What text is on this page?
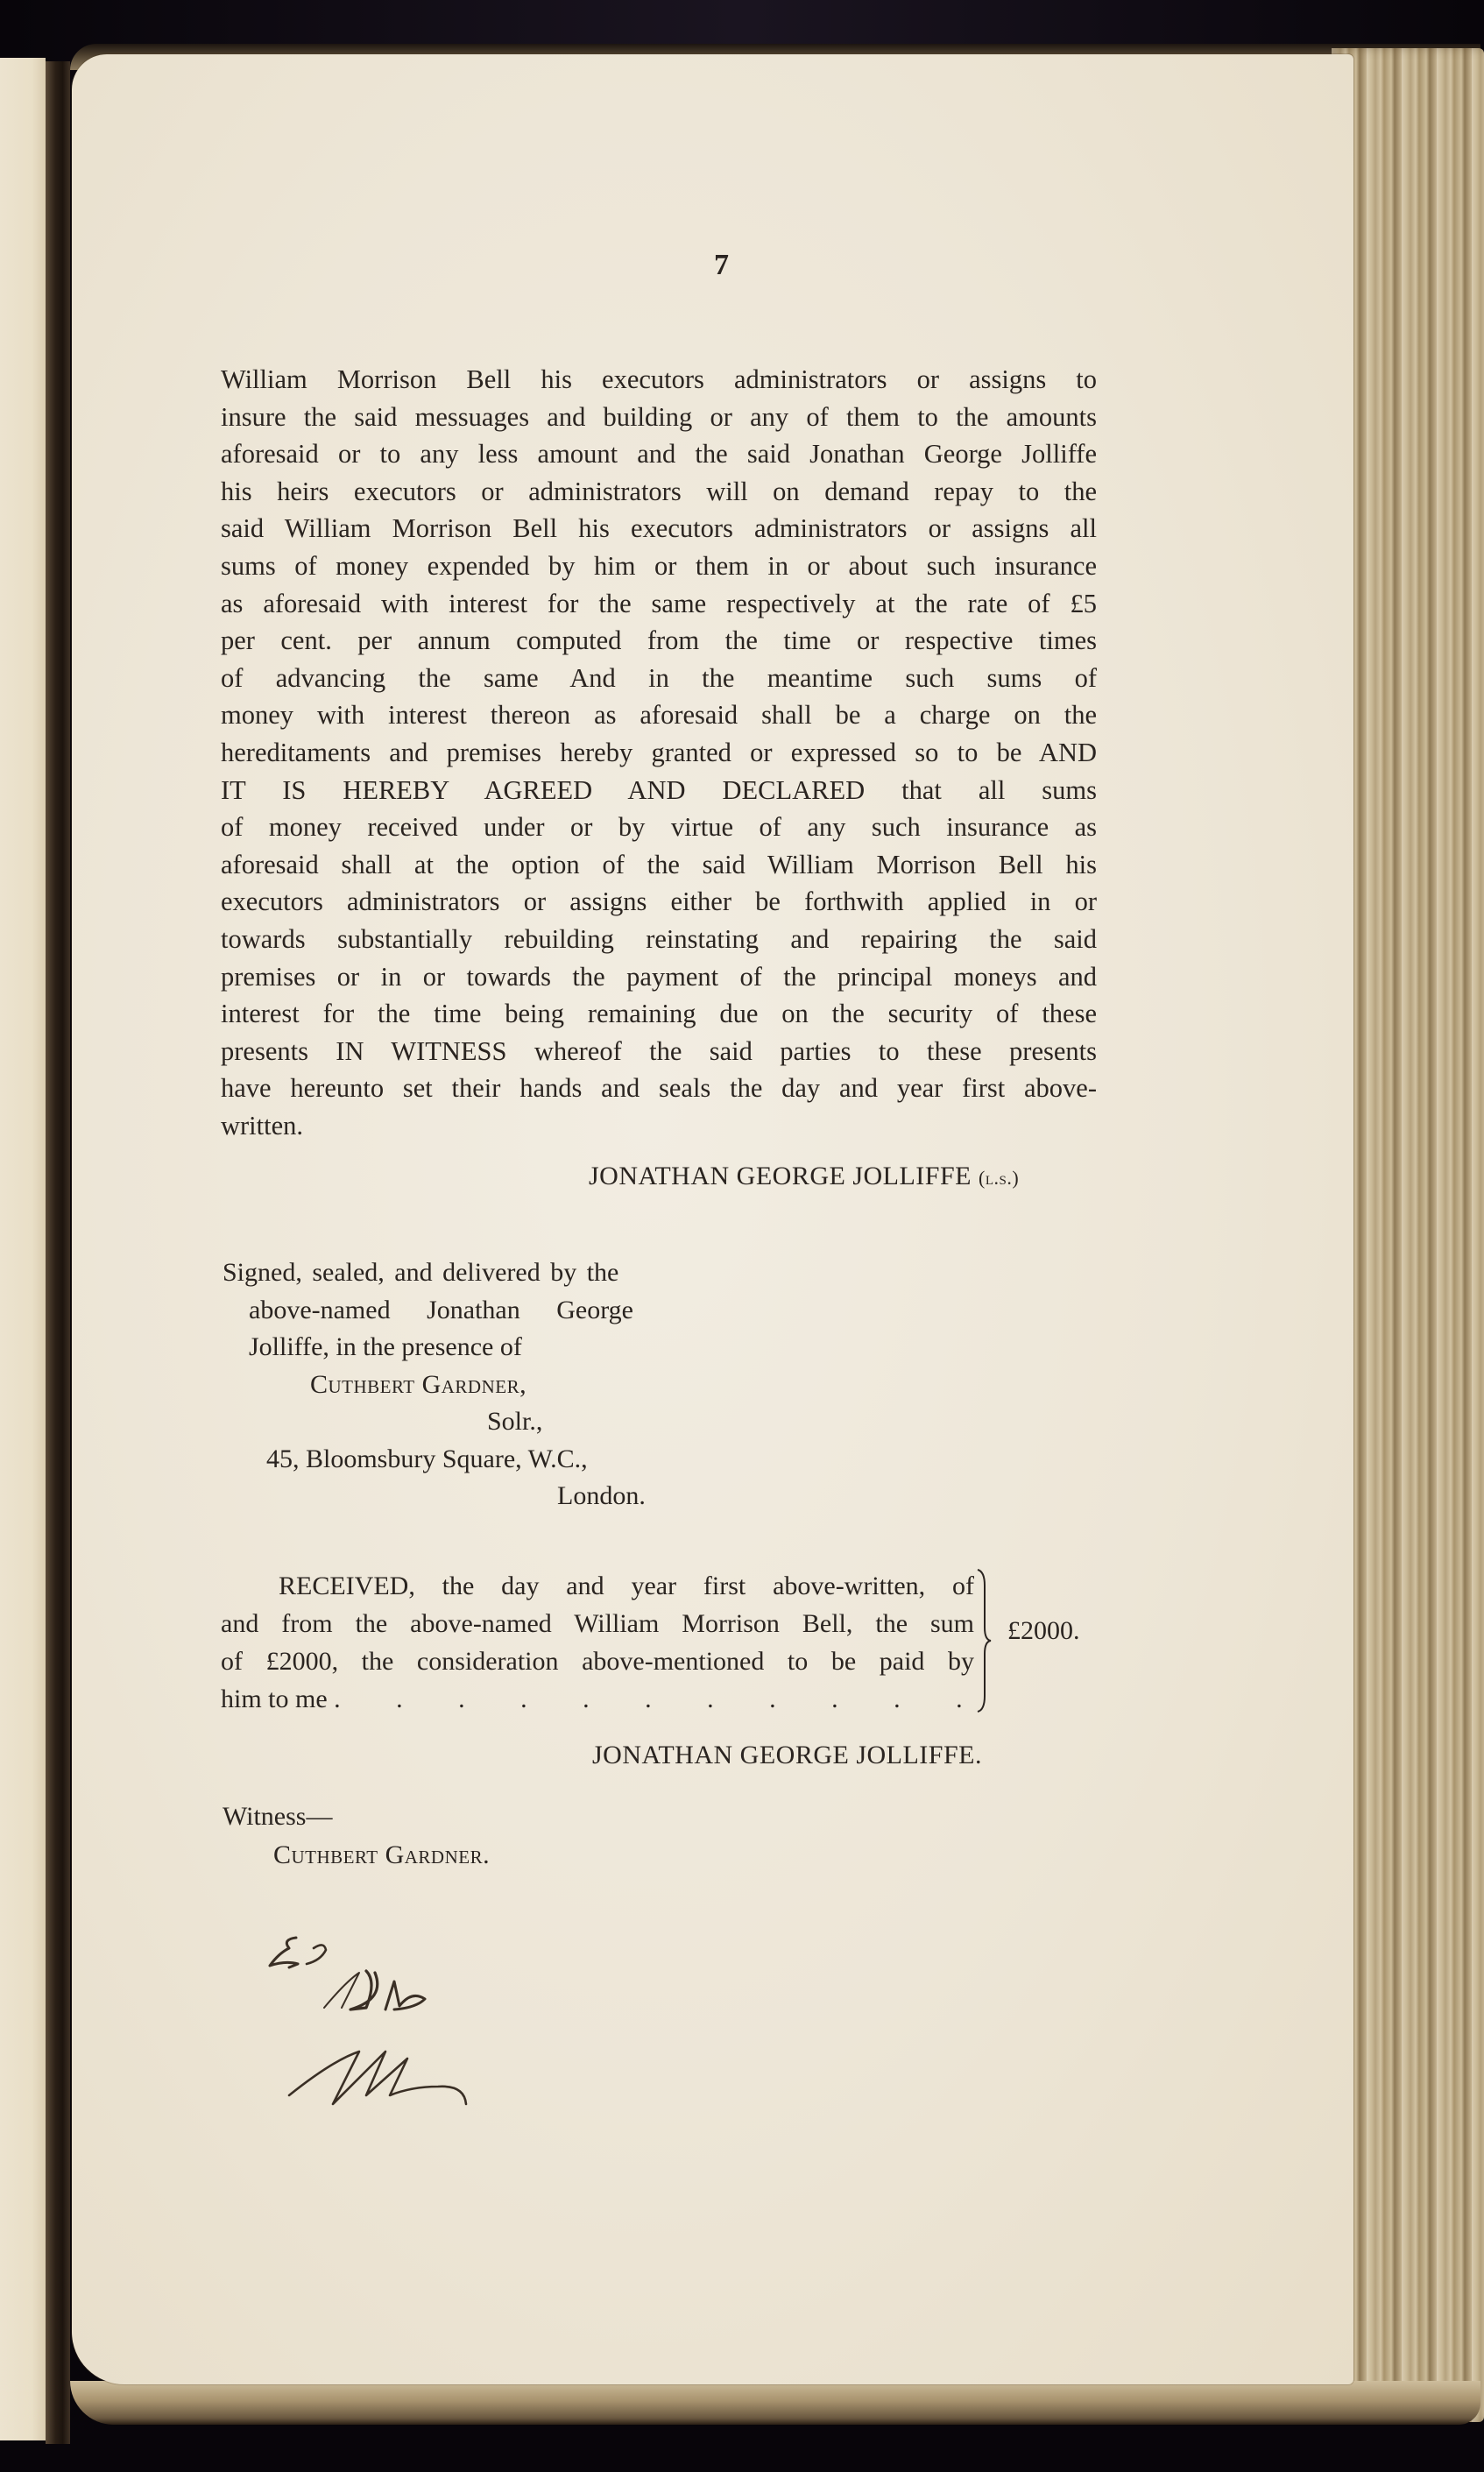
7
William Morrison Bell his executors administrators or assigns to
insure the said messuages and building or any of them to the amounts
aforesaid or to any less amount and the said Jonathan George Jolliffe
his heirs executors or administrators will on demand repay to the
said William Morrison Bell his executors administrators or assigns all
sums of money expended by him or them in or about such insurance
as aforesaid with interest for the same respectively at the rate of £5
per cent. per annum computed from the time or respective times
of advancing the same And in the meantime such sums of
money with interest thereon as aforesaid shall be a charge on the
hereditaments and premises hereby granted or expressed so to be AND
IT IS HEREBY AGREED AND DECLARED that all sums
of money received under or by virtue of any such insurance as
aforesaid shall at the option of the said William Morrison Bell his
executors administrators or assigns either be forthwith applied in or
towards substantially rebuilding reinstating and repairing the said
premises or in or towards the payment of the principal moneys and
interest for the time being remaining due on the security of these
presents IN WITNESS whereof the said parties to these presents
have hereunto set their hands and seals the day and year first above-
written.
JONATHAN GEORGE JOLLIFFE (l.s.)
Signed, sealed, and delivered by the
above-named Jonathan George
Jolliffe, in the presence of
Cuthbert Gardner,
Solr.,
45, Bloomsbury Square, W.C.,
London.
RECEIVED, the day and year first above-written, of
and from the above-named William Morrison Bell, the sum
of £2000, the consideration above-mentioned to be paid by
him to me . . . . . . . . . . .
£2000.
JONATHAN GEORGE JOLLIFFE.
Witness—
Cuthbert Gardner.
